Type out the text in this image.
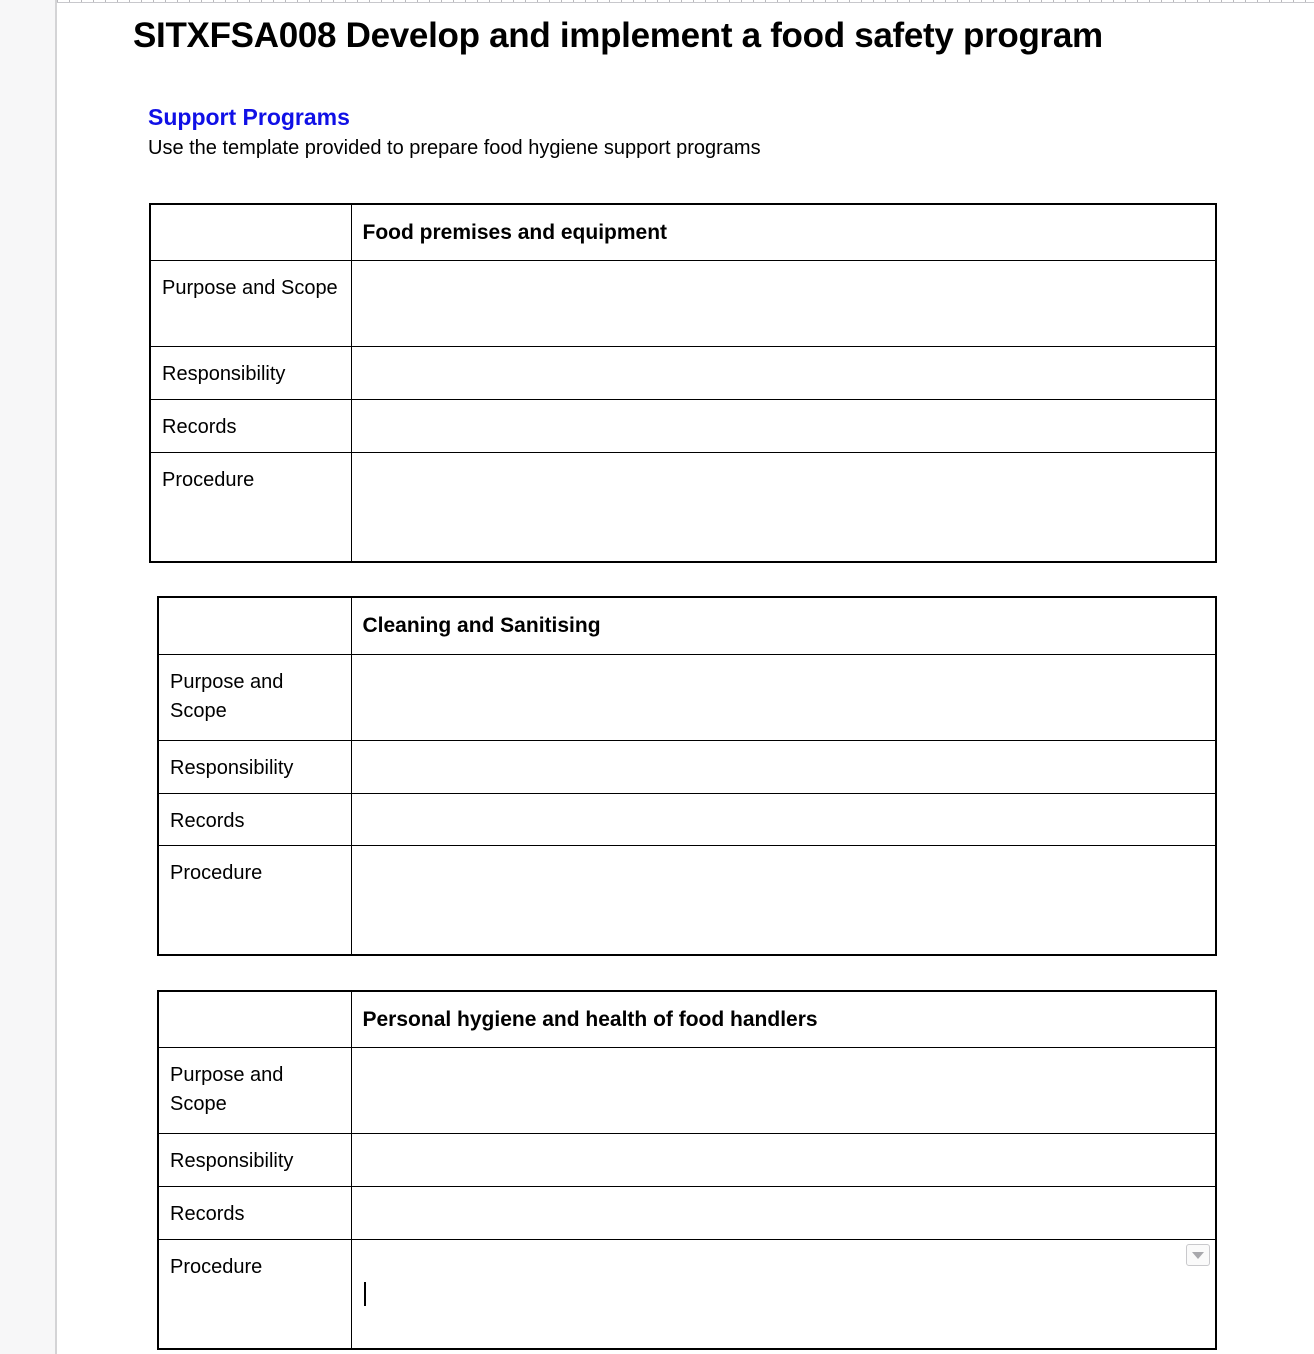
SITXFSA008 Develop and implement a food safety program
Support Programs

Use the template provided to prepare food hygiene support programs

	Food premises and equipment
Purpose and Scope	
Responsibility	
Records	
Procedure	
	Cleaning and Sanitising
Purpose and Scope	
Responsibility	
Records	
Procedure	
	Personal hygiene and health of food handlers
Purpose and Scope	
Responsibility	
Records	
Procedure	
